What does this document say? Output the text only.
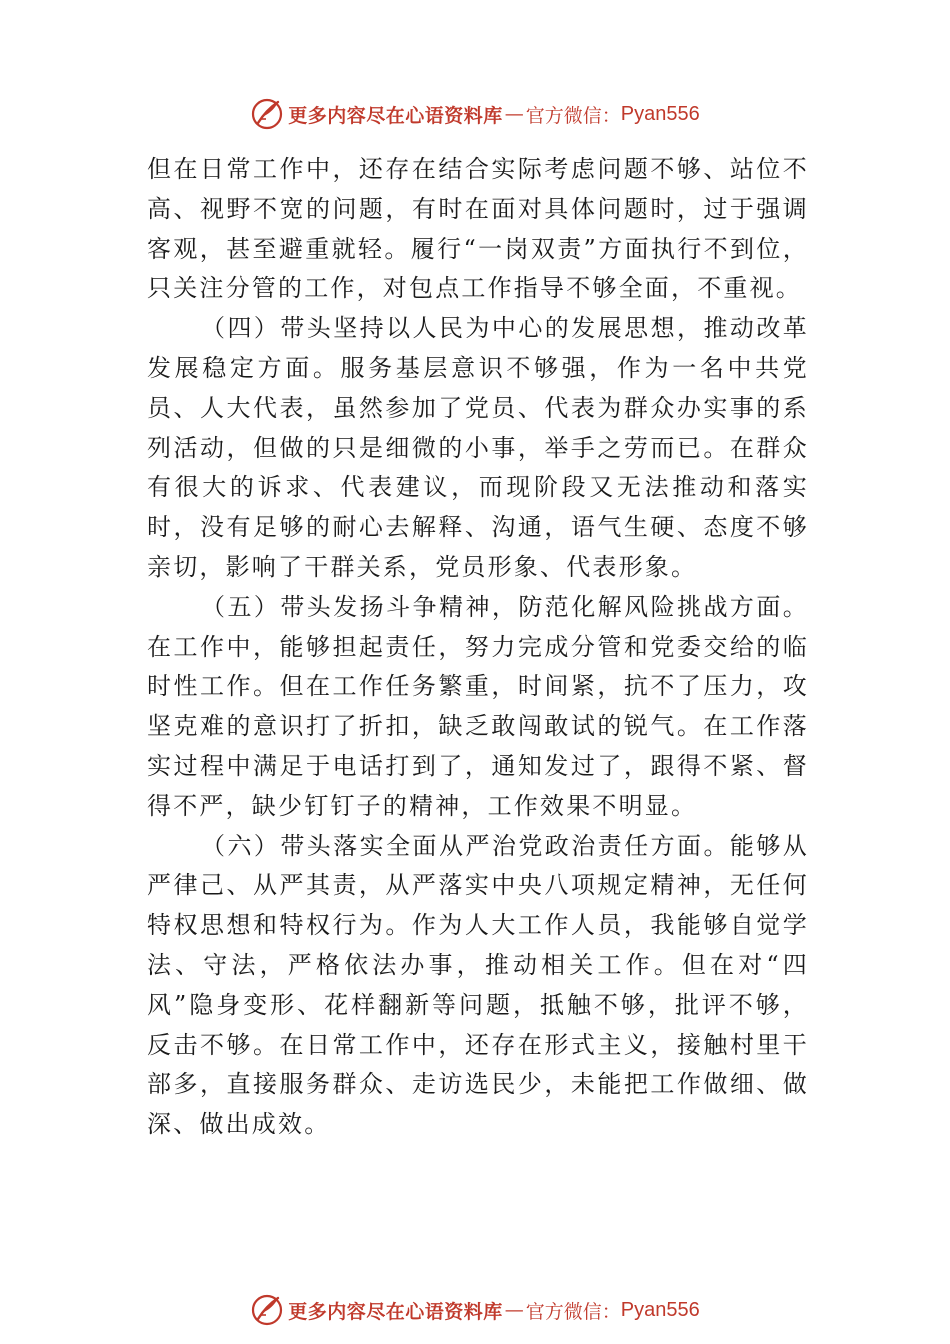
更多内容尽在心语资料库 — 官方微信： Pyan556

但在日常工作中，还存在结合实际考虑问题不够、站位不高、视野不宽的问题，有时在面对具体问题时，过于强调客观，甚至避重就轻。履行“一岗双责”方面执行不到位，只关注分管的工作，对包点工作指导不够全面，不重视。

（四）带头坚持以人民为中心的发展思想，推动改革发展稳定方面。服务基层意识不够强，作为一名中共党员、人大代表，虽然参加了党员、代表为群众办实事的系列活动，但做的只是细微的小事，举手之劳而已。在群众有很大的诉求、代表建议，而现阶段又无法推动和落实时，没有足够的耐心去解释、沟通，语气生硬、态度不够亲切，影响了干群关系，党员形象、代表形象。

（五）带头发扬斗争精神，防范化解风险挑战方面。在工作中，能够担起责任，努力完成分管和党委交给的临时性工作。但在工作任务繁重，时间紧，抗不了压力，攻坚克难的意识打了折扣，缺乏敢闯敢试的锐气。在工作落实过程中满足于电话打到了，通知发过了，跟得不紧、督得不严，缺少钉钉子的精神，工作效果不明显。

（六）带头落实全面从严治党政治责任方面。能够从严律己、从严其责，从严落实中央八项规定精神，无任何特权思想和特权行为。作为人大工作人员，我能够自觉学法、守法，严格依法办事，推动相关工作。但在对“四风”隐身变形、花样翻新等问题，抵触不够，批评不够，反击不够。在日常工作中，还存在形式主义，接触村里干部多，直接服务群众、走访选民少，未能把工作做细、做深、做出成效。

更多内容尽在心语资料库 — 官方微信： Pyan556
